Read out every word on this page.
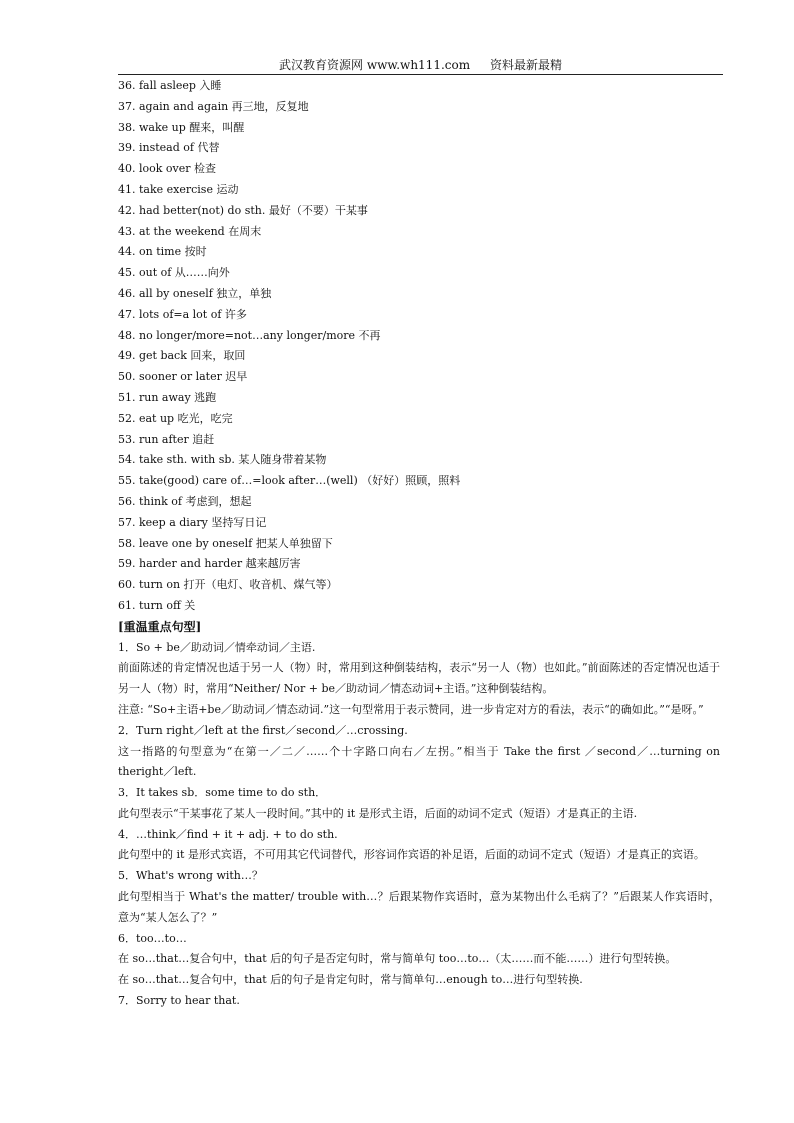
武汉教育资源网 www.wh111.com 资料最新最精
36. fall asleep 入睡
37. again and again 再三地，反复地
38. wake up 醒来，叫醒
39. instead of 代替
40. look over 检查
41. take exercise 运动
42. had better(not) do sth. 最好（不要）干某事
43. at the weekend 在周末
44. on time 按时
45. out of 从……向外
46. all by oneself 独立，单独
47. lots of=a lot of 许多
48. no longer/more=not…any longer/more 不再
49. get back 回来，取回
50. sooner or later 迟早
51. run away 逃跑
52. eat up 吃光，吃完
53. run after 追赶
54. take sth. with sb. 某人随身带着某物
55. take(good) care of…=look after…(well) （好好）照顾，照料
56. think of 考虑到，想起
57. keep a diary 坚持写日记
58. leave one by oneself 把某人单独留下
59. harder and harder 越来越厉害
60. turn on 打开（电灯、收音机、煤气等）
61. turn off 关
[重温重点句型]
1．So + be／助动词／情牵动词／主语.
前面陈述的肯定情况也适于另一人（物）时，常用到这种倒装结构，表示“另一人（物）也如此。”前面陈述的否定情况也适于另一人（物）时，常用“Neither/ Nor + be／助动词／情态动词+主语。”这种倒装结构。
注意: “So+主语+be／助动词／情态动词.”这一句型常用于表示赞同，进一步肯定对方的看法，表示“的确如此。”“是呀。”
2．Turn right／left at the first／second／…crossing.
这一指路的句型意为“在第一／二／……个十字路口向右／左拐。”相当于 Take the first ／second／…turning on theright／left.
3．It takes sb．some time to do sth．
此句型表示“干某事花了某人一段时间。”其中的 it 是形式主语，后面的动词不定式（短语）才是真正的主语.
4．…think／find + it + adj. + to do sth.
此句型中的 it 是形式宾语，不可用其它代词替代，形容词作宾语的补足语，后面的动词不定式（短语）才是真正的宾语。
5．What's wrong with…？
此句型相当于 What's the matter/ trouble with…？后跟某物作宾语时，意为某物出什么毛病了？”后跟某人作宾语时，意为“某人怎么了？”
6．too…to…
在 so…that…复合句中，that 后的句子是否定句时，常与简单句 too…to…（太……而不能……）进行句型转换。
在 so…that…复合句中，that 后的句子是肯定句时，常与简单句…enough to…进行句型转换.
7．Sorry to hear that.
